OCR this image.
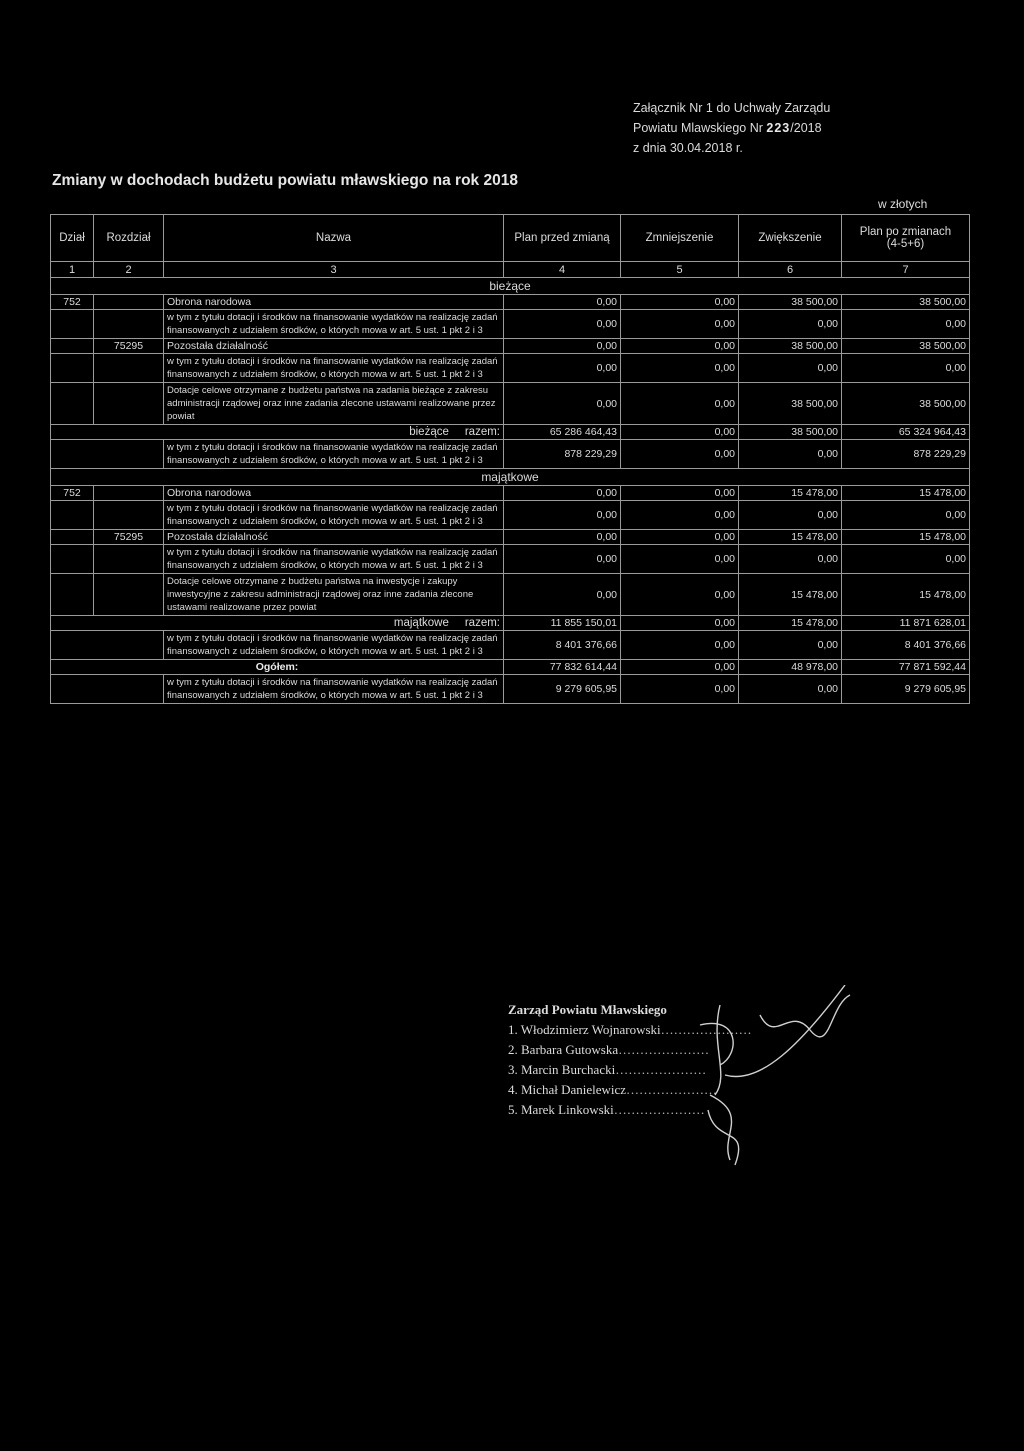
Załącznik Nr 1 do Uchwały Zarządu
Powiatu Mlawskiego Nr 223/2018
z dnia 30.04.2018 r.
Zmiany w dochodach budżetu powiatu mławskiego na rok 2018
w złotych
Dział	Rozdział	Nazwa	Plan przed zmianą	Zmniejszenie	Zwiększenie	Plan po zmianach
(4-5+6)
1	2	3	4	5	6	7
bieżące						
752		Obrona narodowa	0,00	0,00	38 500,00	38 500,00
		w tym z tytułu dotacji i środków na finansowanie wydatków na realizację zadań finansowanych z udziałem środków, o których mowa w art. 5 ust. 1 pkt 2 i 3	0,00	0,00	0,00	0,00
	75295	Pozostała działalność	0,00	0,00	38 500,00	38 500,00
		w tym z tytułu dotacji i środków na finansowanie wydatków na realizację zadań finansowanych z udziałem środków, o których mowa w art. 5 ust. 1 pkt 2 i 3	0,00	0,00	0,00	0,00
		Dotacje celowe otrzymane z budżetu państwa na zadania bieżące z zakresu administracji rządowej oraz inne zadania zlecone ustawami realizowane przez powiat	0,00	0,00	38 500,00	38 500,00
bieżące razem:			65 286 464,43	0,00	38 500,00	65 324 964,43
		w tym z tytułu dotacji i środków na finansowanie wydatków na realizację zadań finansowanych z udziałem środków, o których mowa w art. 5 ust. 1 pkt 2 i 3	878 229,29	0,00	0,00	878 229,29
majątkowe						
752		Obrona narodowa	0,00	0,00	15 478,00	15 478,00
		w tym z tytułu dotacji i środków na finansowanie wydatków na realizację zadań finansowanych z udziałem środków, o których mowa w art. 5 ust. 1 pkt 2 i 3	0,00	0,00	0,00	0,00
	75295	Pozostała działalność	0,00	0,00	15 478,00	15 478,00
		w tym z tytułu dotacji i środków na finansowanie wydatków na realizację zadań finansowanych z udziałem środków, o których mowa w art. 5 ust. 1 pkt 2 i 3	0,00	0,00	0,00	0,00
		Dotacje celowe otrzymane z budżetu państwa na inwestycje i zakupy inwestycyjne z zakresu administracji rządowej oraz inne zadania zlecone ustawami realizowane przez powiat	0,00	0,00	15 478,00	15 478,00
majątkowe razem:			11 855 150,01	0,00	15 478,00	11 871 628,01
		w tym z tytułu dotacji i środków na finansowanie wydatków na realizację zadań finansowanych z udziałem środków, o których mowa w art. 5 ust. 1 pkt 2 i 3	8 401 376,66	0,00	0,00	8 401 376,66
Ogółem:			77 832 614,44	0,00	48 978,00	77 871 592,44
		w tym z tytułu dotacji i środków na finansowanie wydatków na realizację zadań finansowanych z udziałem środków, o których mowa w art. 5 ust. 1 pkt 2 i 3	9 279 605,95	0,00	0,00	9 279 605,95
Zarząd Powiatu Mławskiego
1. Włodzimierz Wojnarowski…………………
2. Barbara Gutowska…………………
3. Marcin Burchacki…………………
4. Michał Danielewicz…………………
5. Marek Linkowski…………………
